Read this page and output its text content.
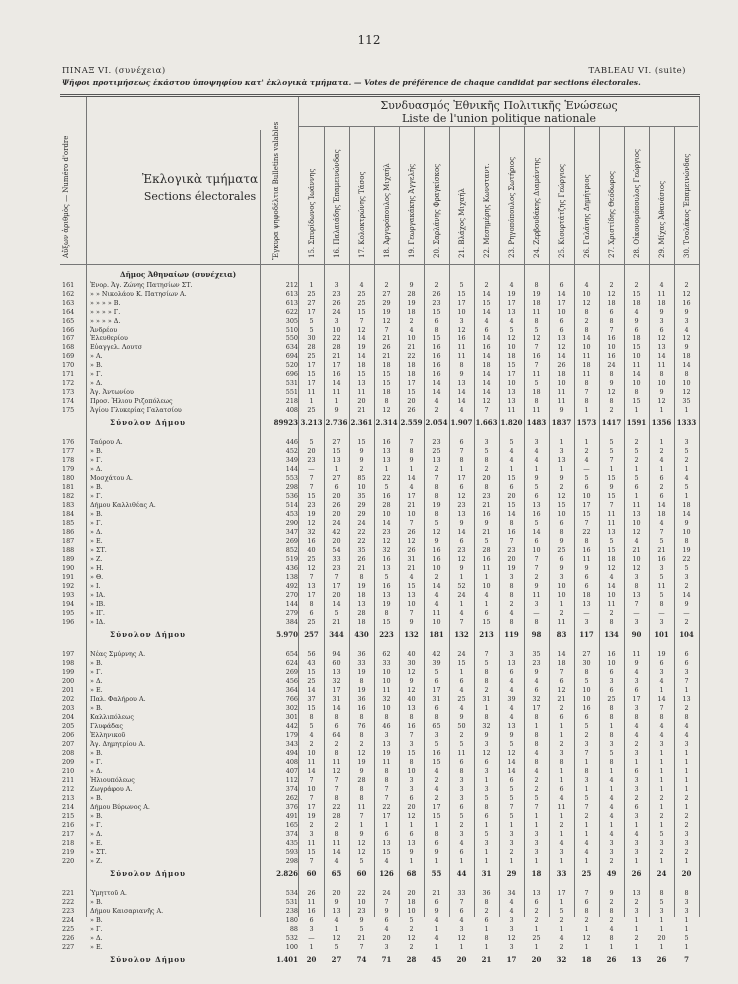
112
ΠΙΝΑΞ VI. (συνέχεια)	TABLEAU VI. (suite)
Ψῆφοι προτιμήσεως ἑκάστου ὑποψηφίου κατ' ἐκλογικὰ τμήματα. — Votes de préférence de chaque candidat par sections électorales.
Συνδυασμός Ἐθνικῆς Πολιτικῆς Ἑνώσεως
Liste de l'union politique nationale
Αὔξων ἀριθμὸς — Numéro d'ordre	Ἐκλογικὰ τμήματα
Sections électorales	Ἔγκυρα ψηφοδέλτια Bulletins valables	15. Σπυρίδωνος Ἰωάννης 16. Παλαιάδης Ἐπαμεινώνδας 17. Κολοκτρώνης Τάσος 18. Ἀργυρόπουλος Μιχαήλ 19. Γεωργακάκης Ἀγγελῆς 20. Σαρλάνης Φραγκίσκος 21. Βλάχος Μιχαήλ 22. Μεσημέρης Κωνσταντ. 23. Ρηγοπόπουλος Σωτήριος 24. Ζερβουδάκης Διαμάντης 25. Κιουρτάτζης Γεώργιος 26. Γαλάνης Δημήτριος 27. Χριστίδης Θεόδωρος 28. Οἰκονομόπουλος Γεώργιος 29. Μίχας Ἀθανάσιος 30. Τσολάκος Ἐπαμεινώνδας
Δῆμος Ἀθηναίων (συνέχεια)
161	Ἐνορ. Ἁγ. Ζώνης Πατησίων ΣΤ.	212	1	3	4	2	9	2	5	2	4	8	6	4	2	2	4	2
162	» » Νικολάου Κ. Πατησίων Α.	613	25	23	25	27	28	26	15	14	19	19	14	10	12	15	11	12
163	» » » » Β.	613	27	26	25	29	19	23	17	15	17	18	17	12	18	18	18	16
164	» » » » Γ.	622	17	24	15	19	18	15	10	14	13	11	10	8	6	4	9	9
165	» » » » Δ.	305	5	3	7	12	2	6	3	4	4	8	6	2	8	9	3	3
166	Ἄνδρέου	510	5	10	12	7	4	8	12	6	5	5	6	8	7	6	6	4
167	Ἐλευθερίου	550	30	22	14	21	10	15	16	14	12	12	13	14	16	18	12	12
168	Εὐαγγελ. Λουτσ	634	28	28	19	26	21	16	11	16	10	7	12	10	10	15	13	9
169	» Α.	694	25	21	14	21	22	16	11	14	18	16	14	11	16	10	14	18
170	» Β.	520	17	17	18	18	18	16	8	18	15	7	26	18	24	11	11	14
171	» Γ.	696	15	16	15	15	18	16	9	14	17	11	18	11	8	14	8	8
172	» Δ.	531	17	14	13	15	17	14	13	14	10	5	10	8	9	10	10	10
173	Ἁγ. Ἀντωνίου	551	11	11	11	18	15	14	14	14	13	18	11	7	12	8	9	12
174	Προσ. Ἡλιου Ριζοπόλεως	218	1	1	20	8	20	4	14	12	13	8	11	8	8	15	12	35
175	Ἁγίου Γλυκερίας Γαλατσίου	408	25	9	21	12	26	2	4	7	11	11	9	1	2	1	1	1
Σύνολον Δήμου	89923 3.213 2.736 2.361 2.314 2.559 2.054 1.907 1.663 1.820 1483 1837 1573 1417 1591 1356 1333
176	Ταύρου Α.	446	5	27	15	16	7	23	6	3	5	3	1	1	5	2	1	3
177	» Β.	452	20	15	9	13	8	25	7	5	4	4	3	2	5	5	2	5
178	» Γ.	349	23	13	9	13	9	13	8	8	4	4	13	4	7	2	4	2
179	» Δ.	144	—	1	2	1	1	2	1	2	1	1	1	—	1	1	1	1
180	Μοσχάτου Α.	553	7	27	85	22	14	7	17	20	15	9	9	5	15	5	6	4
181	» Β.	298	7	6	10	5	4	8	6	8	6	5	2	6	9	6	2	5
182	» Γ.	536	15	20	35	16	17	8	12	23	20	6	12	10	15	1	6	1
183	Δήμου Καλλιθέας Α.	514	23	26	29	28	21	19	23	21	15	13	15	17	7	11	14	18
184	» Β.	453	19	20	29	10	10	8	13	16	14	16	10	15	11	13	18	14
185	» Γ.	290	12	24	24	14	7	5	9	9	8	5	6	7	11	10	4	9
186	» Δ.	347	32	42	22	23	26	12	14	21	16	14	8	22	13	12	7	10
187	» Ε.	269	16	20	22	12	12	9	6	5	7	6	9	8	5	4	5	8
188	» ΣΤ.	852	40	54	35	32	26	16	23	28	23	10	25	16	15	21	21	19
189	» Ζ.	519	25	33	26	16	31	16	12	16	20	7	6	11	18	10	16	22
190	» Η.	436	12	23	21	13	21	10	9	11	19	7	9	9	12	12	3	5
191	» Θ.	138	7	7	8	5	4	2	1	1	3	2	3	6	4	3	5	3
192	» Ι.	492	13	17	19	16	15	14	52	10	8	9	10	6	14	8	11	2
193	» ΙΑ.	270	17	20	18	13	13	4	24	4	8	11	10	18	10	13	5	14
194	» ΙΒ.	144	8	14	13	19	10	4	1	1	2	3	1	13	11	7	8	9
195	» ΙΓ.	279	6	5	28	8	7	11	4	6	4	—	2	—	2	—	—	—
196	» ΙΔ.	384	25	21	18	15	9	10	7	15	8	8	11	3	8	3	3	2
Σύνολον Δήμου	5.970 257	344	430	223	132	181	132	213	119	98	83	117	134	90	101	104
197	Νέας Σμύρνης Α.	654	56	94	36	62	40	42	24	7	3	35	14	27	16	11	19	6
198	» Β.	624	43	60	33	33	30	39	15	5	13	23	18	30	10	9	6	6
199	» Γ.	269	15	13	19	10	12	5	1	8	6	9	7	8	6	4	3	3
200	» Δ.	456	25	32	8	10	9	6	6	8	4	4	6	5	3	3	4	7
201	» Ε.	364	14	17	19	11	12	17	4	2	4	6	12	10	6	6	1	1
202	Παλ. Φαλήρου Α.	766	37	31	36	32	40	31	25	31	39	32	21	10	25	17	14	13
203	» Β.	302	15	14	16	10	13	6	4	1	4	17	2	16	8	3	7	2
204	Καλλιπόλεως	301	8	8	8	8	8	8	9	8	4	8	6	6	8	8	8	8
205	Γλυφάδας	442	5	6	76	46	16	65	50	32	13	1	1	5	1	4	4	4
206	Ἑλληνικοῦ	179	4	64	8	3	7	3	2	9	9	8	1	2	8	4	4	4
207	Ἁγ. Δημητρίου Α.	343	2	2	2	13	3	5	5	3	5	8	2	3	3	2	3	3
208	» Β.	494	10	8	12	19	15	16	11	12	12	4	3	7	5	3	1	1
209	» Γ.	408	11	11	19	11	8	15	6	6	14	8	8	1	8	1	1	1
210	» Δ.	407	14	12	9	8	10	4	8	3	14	4	1	8	1	6	1	1
211	Ἡλιουπόλεως	112	7	7	28	8	3	2	3	1	6	2	1	3	4	3	1	1
212	Ζωγράφου Α.	374	10	7	8	7	3	4	3	3	5	2	6	1	1	3	1	1
213	» Β.	262	7	8	8	7	6	2	3	5	5	5	4	5	4	2	2	2
214	Δήμου Βύρωνος Α.	376	17	22	11	22	20	17	6	8	7	7	11	7	4	6	1	1
215	» Β.	491	19	28	7	17	12	15	5	6	5	1	1	2	4	3	2	2
216	» Γ.	165	2	2	1	1	1	1	2	1	1	1	2	1	1	1	1	2
217	» Δ.	374	3	8	9	6	6	8	3	5	3	3	1	1	4	4	5	3
218	» Ε.	435	11	11	12	13	13	6	4	3	3	3	4	4	3	3	3	3
219	» ΣΤ.	593	15	14	12	15	9	9	6	1	2	3	3	4	3	3	2	2
220	» Ζ.	298	7	4	5	4	1	1	1	1	1	1	1	1	2	1	1	1
Σύνολον Δήμου	2.826	60	65	60	126	68	55	44	31	29	18	33	25	49	26	24	20
221	Ὑμηττοῦ Α.	534	26	20	22	24	20	21	33	36	34	13	17	7	9	13	8	8
222	» Β.	531	11	9	10	7	18	6	7	8	4	6	1	6	2	2	5	3
223	Δήμου Καισαριανῆς Α.	238	16	13	23	9	10	9	6	2	4	2	5	8	8	3	3	3
224	» Β.	180	6	4	9	6	5	4	4	6	3	2	2	2	2	1	1	1
225	» Γ.	88	3	1	5	4	2	1	3	1	3	1	1	1	4	1	1	1
226	» Δ.	532	—	12	21	20	12	4	12	8	12	25	4	12	8	2	20	5
227	» Ε.	100	1	5	7	3	2	1	1	1	3	1	2	1	1	1	1	1
Σύνολον Δήμου	1.401	20	27	74	71	28	45	20	21	17	20	32	18	26	13	26	7
